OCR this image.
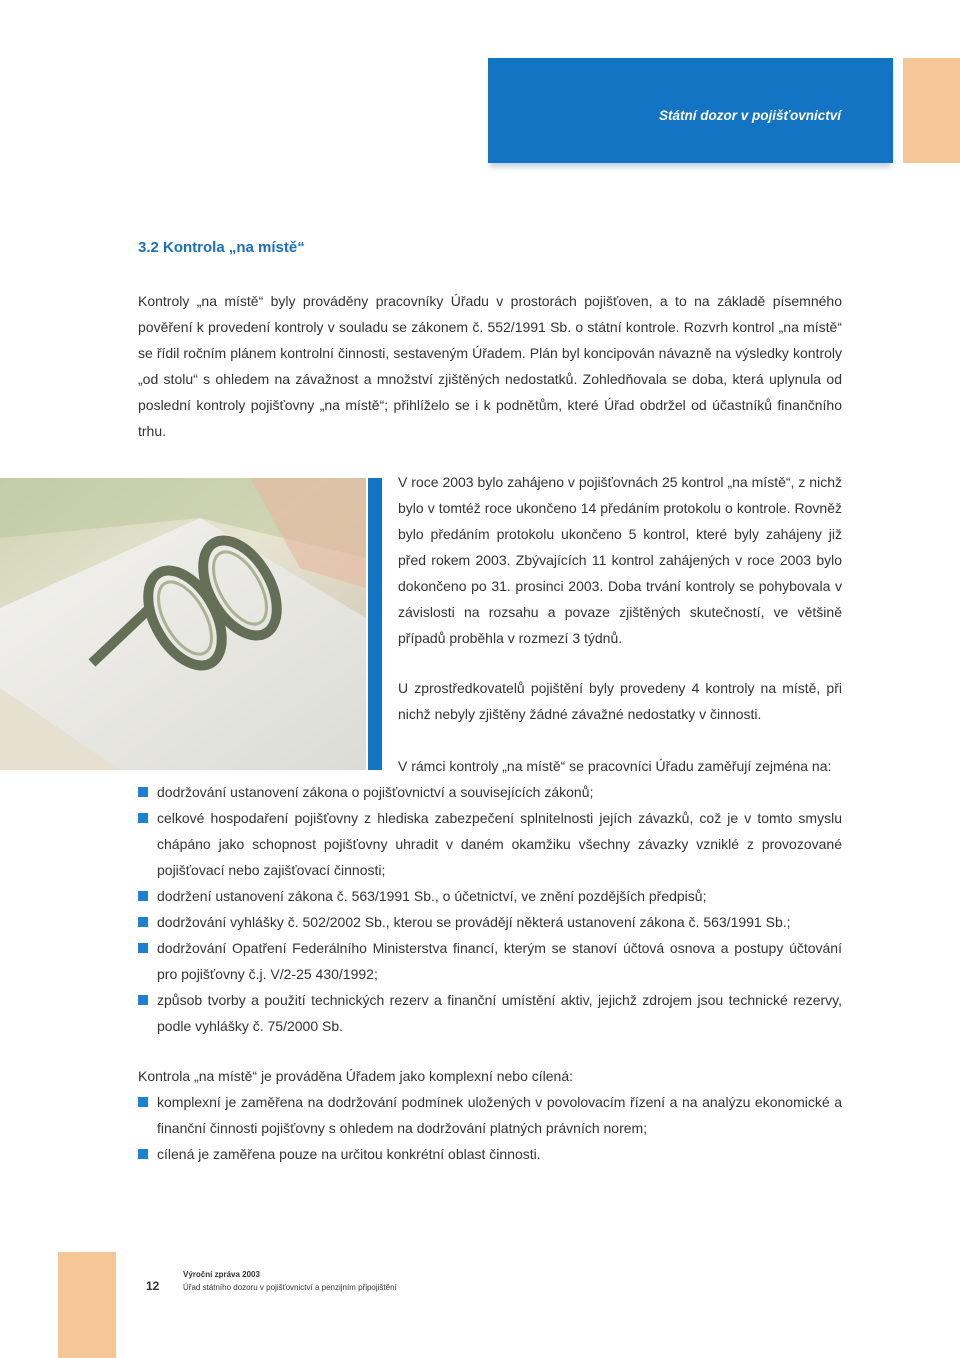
Státní dozor v pojišťovnictví
3.2 Kontrola „na místě“
Kontroly „na místě“ byly prováděny pracovníky Úřadu v prostorách pojišťoven, a to na základě písemného pověření k provedení kontroly v souladu se zákonem č. 552/1991 Sb. o státní kontrole. Rozvrh kontrol „na místě“ se řídil ročním plánem kontrolní činnosti, sestaveným Úřadem. Plán byl koncipován návazně na výsledky kontroly „od stolu“ s ohledem na závažnost a množství zjištěných nedostatků. Zohledňovala se doba, která uplynula od poslední kontroly pojišťovny „na místě“; přihlíželo se i k podnětům, které Úřad obdržel od účastníků finančního trhu.
V roce 2003 bylo zahájeno v pojišťovnách 25 kontrol „na místě“, z nichž bylo v tomtéž roce ukončeno 14 předáním protokolu o kontrole. Rovněž bylo předáním protokolu ukončeno 5 kontrol, které byly zahájeny již před rokem 2003. Zbývajících 11 kontrol zahájených v roce 2003 bylo dokončeno po 31. prosinci 2003. Doba trvání kontroly se pohybovala v závislosti na rozsahu a povaze zjištěných skutečností, ve většině případů proběhla v rozmezí 3 týdnů.
U zprostředkovatelů pojištění byly provedeny 4 kontroly na místě, při nichž nebyly zjištěny žádné závažné nedostatky v činnosti.
V rámci kontroly „na místě“ se pracovníci Úřadu zaměřují zejména na:
dodržování ustanovení zákona o pojišťovnictví a souvisejících zákonů;
celkové hospodaření pojišťovny z hlediska zabezpečení splnitelnosti jejích závazků, což je v tomto smyslu chápáno jako schopnost pojišťovny uhradit v daném okamžiku všechny závazky vzniklé z provozované pojišťovací nebo zajišťovací činnosti;
dodržení ustanovení zákona č. 563/1991 Sb., o účetnictví, ve znění pozdějších předpisů;
dodržování vyhlášky č. 502/2002 Sb., kterou se provádějí některá ustanovení zákona č. 563/1991 Sb.;
dodržování Opatření Federálního Ministerstva financí, kterým se stanoví účtová osnova a postupy účtování pro pojišťovny č.j. V/2-25 430/1992;
způsob tvorby a použití technických rezerv a finanční umístění aktiv, jejichž zdrojem jsou technické rezervy, podle vyhlášky č. 75/2000 Sb.
Kontrola „na místě“ je prováděna Úřadem jako komplexní nebo cílená:
komplexní je zaměřena na dodržování podmínek uložených v povolovacím řízení a na analýzu ekonomické a finanční činnosti pojišťovny s ohledem na dodržování platných právních norem;
cílená je zaměřena pouze na určitou konkrétní oblast činnosti.
12
Výroční zpráva 2003
Úřad státního dozoru v pojišťovnictví a penzijním připojištění
